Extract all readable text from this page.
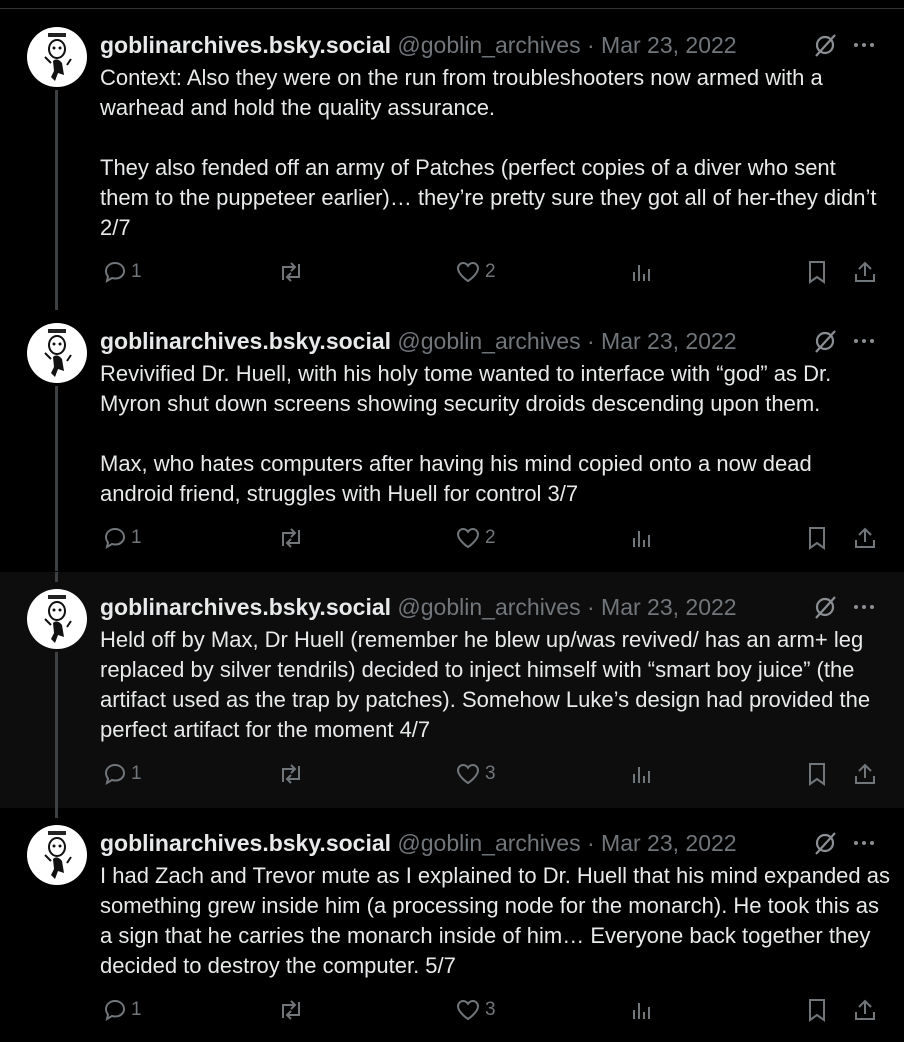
goblinarchives.bsky.social @goblin_archives · Mar 23, 2022
Context: Also they were on the run from troubleshooters now armed with a warhead and hold the quality assurance.

They also fended off an army of Patches (perfect copies of a diver who sent them to the puppeteer earlier)… they’re pretty sure they got all of her-they didn’t 2/7
1	2
goblinarchives.bsky.social @goblin_archives · Mar 23, 2022
Revivified Dr. Huell, with his holy tome wanted to interface with “god” as Dr. Myron shut down screens showing security droids descending upon them.

Max, who hates computers after having his mind copied onto a now dead android friend, struggles with Huell for control 3/7
1	2
goblinarchives.bsky.social @goblin_archives · Mar 23, 2022
Held off by Max, Dr Huell (remember he blew up/was revived/ has an arm+ leg replaced by silver tendrils) decided to inject himself with “smart boy juice” (the artifact used as the trap by patches). Somehow Luke’s design had provided the perfect artifact for the moment 4/7
1	3
goblinarchives.bsky.social @goblin_archives · Mar 23, 2022
I had Zach and Trevor mute as I explained to Dr. Huell that his mind expanded as something grew inside him (a processing node for the monarch). He took this as a sign that he carries the monarch inside of him… Everyone back together they decided to destroy the computer. 5/7
1	3
